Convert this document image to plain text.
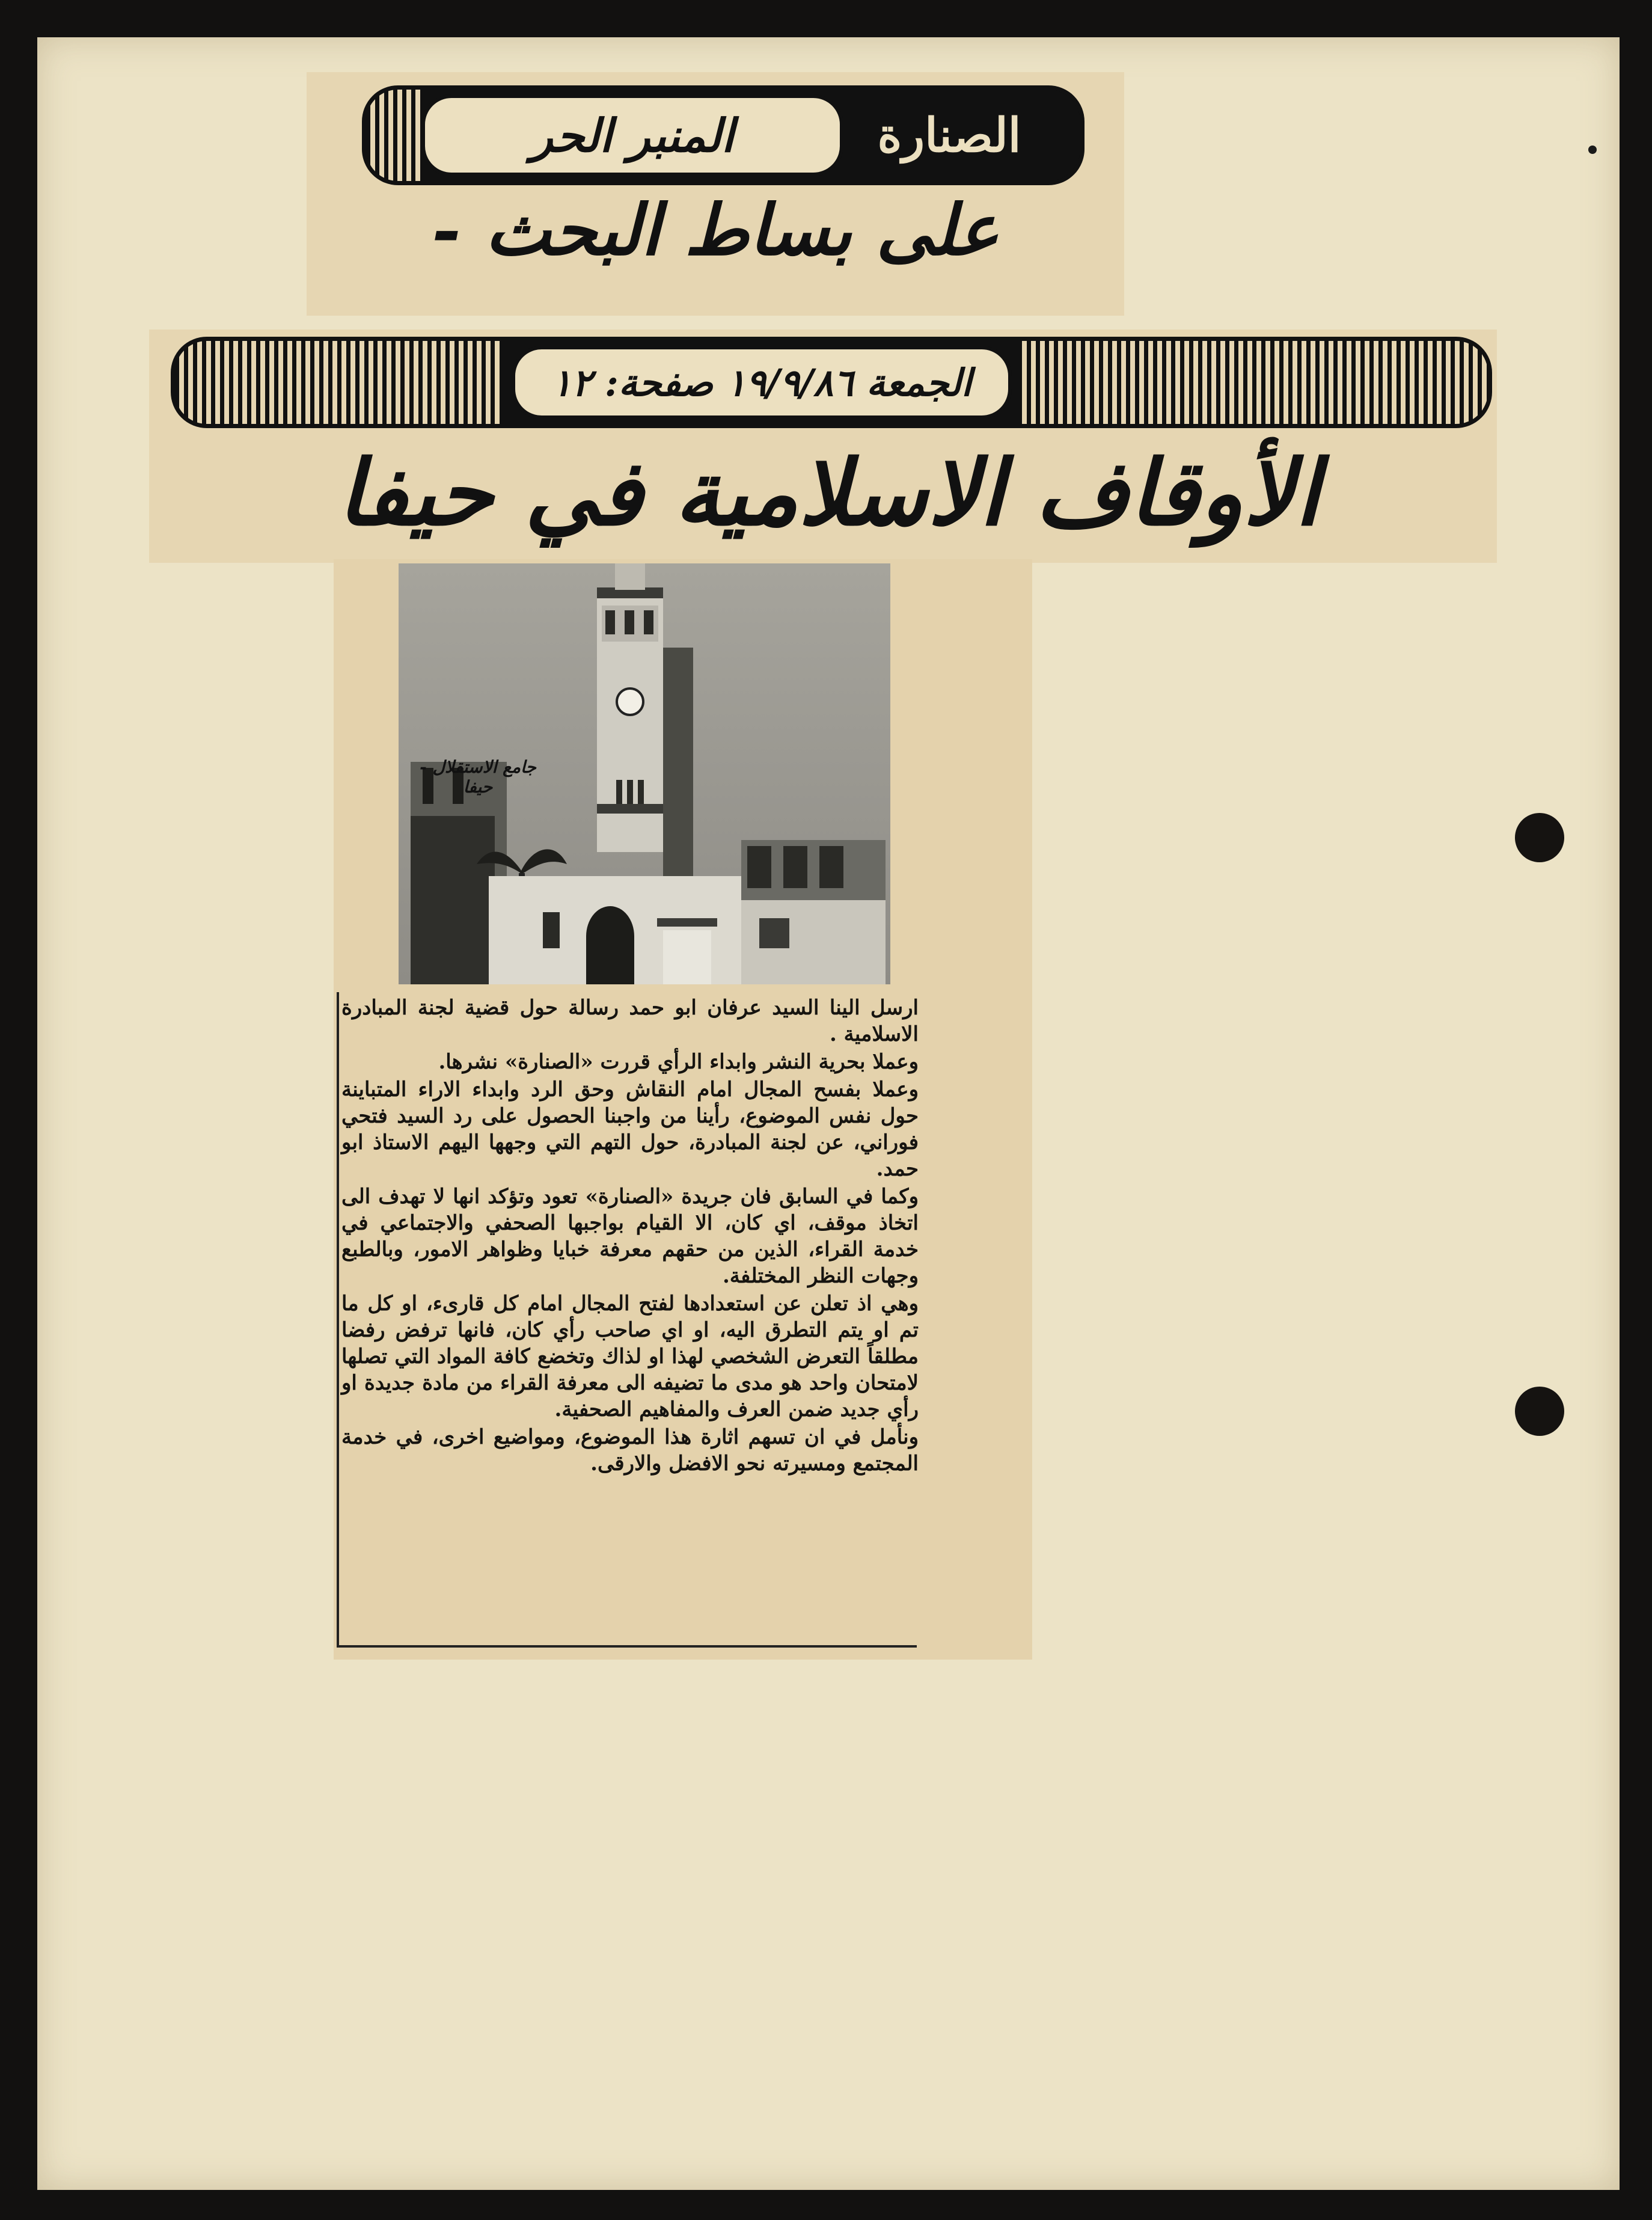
المنبر الحر	الصنارة
على بساط البحث -
الجمعة ١٩/٩/٨٦ صفحة: ١٢
الأوقاف الاسلامية في حيفا
جامع الاستقلال - حيفا

ارسل الينا السيد عرفان ابو حمد رسالة حول قضية لجنة المبادرة الاسلامية .

وعملا بحرية النشر وابداء الرأي قررت «الصنارة» نشرها.

وعملا بفسح المجال امام النقاش وحق الرد وابداء الاراء المتباينة حول نفس الموضوع، رأينا من واجبنا الحصول على رد السيد فتحي فوراني، عن لجنة المبادرة، حول التهم التي وجهها اليهم الاستاذ ابو حمد.

وكما في السابق فان جريدة «الصنارة» تعود وتؤكد انها لا تهدف الى اتخاذ موقف، اي كان، الا القيام بواجبها الصحفي والاجتماعي في خدمة القراء، الذين من حقهم معرفة خبايا وظواهر الامور، وبالطبع وجهات النظر المختلفة.

وهي اذ تعلن عن استعدادها لفتح المجال امام كل قارىء، او كل ما تم او يتم التطرق اليه، او اي صاحب رأي كان، فانها ترفض رفضا مطلقاً التعرض الشخصي لهذا او لذاك وتخضع كافة المواد التي تصلها لامتحان واحد هو مدى ما تضيفه الى معرفة القراء من مادة جديدة او رأي جديد ضمن العرف والمفاهيم الصحفية.

ونأمل في ان تسهم اثارة هذا الموضوع، ومواضيع اخرى، في خدمة المجتمع ومسيرته نحو الافضل والارقى.
